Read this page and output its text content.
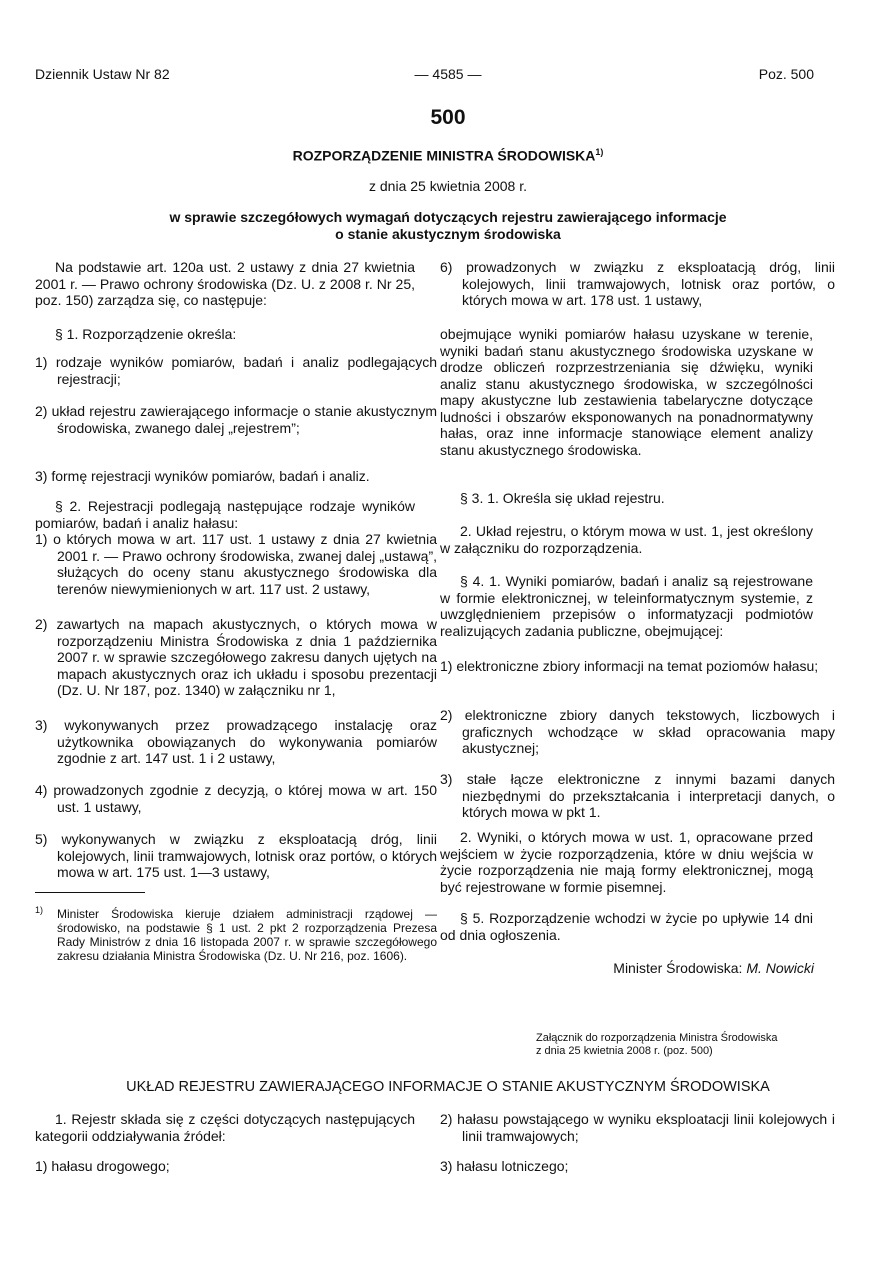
Dziennik Ustaw Nr 82	— 4585 —	Poz. 500
500
ROZPORZĄDZENIE MINISTRA ŚRODOWISKA$^{1)}$
z dnia 25 kwietnia 2008 r.
w sprawie szczegółowych wymagań dotyczących rejestru zawierającego informacje
o stanie akustycznym środowiska

Na podstawie art. 120a ust. 2 ustawy z dnia 27 kwietnia 2001 r. — Prawo ochrony środowiska (Dz. U. z 2008 r. Nr 25, poz. 150) zarządza się, co następuje:

§ 1. Rozporządzenie określa:

1) rodzaje wyników pomiarów, badań i analiz podlegających rejestracji;

2) układ rejestru zawierającego informacje o stanie akustycznym środowiska, zwanego dalej „rejestrem”;

3) formę rejestracji wyników pomiarów, badań i analiz.

§ 2. Rejestracji podlegają następujące rodzaje wyników pomiarów, badań i analiz hałasu:

1) o których mowa w art. 117 ust. 1 ustawy z dnia 27 kwietnia 2001 r. — Prawo ochrony środowiska, zwanej dalej „ustawą”, służących do oceny stanu akustycznego środowiska dla terenów niewymienionych w art. 117 ust. 2 ustawy,

2) zawartych na mapach akustycznych, o których mowa w rozporządzeniu Ministra Środowiska z dnia 1 października 2007 r. w sprawie szczegółowego zakresu danych ujętych na mapach akustycznych oraz ich układu i sposobu prezentacji (Dz. U. Nr 187, poz. 1340) w załączniku nr 1,

3) wykonywanych przez prowadzącego instalację oraz użytkownika obowiązanych do wykonywania pomiarów zgodnie z art. 147 ust. 1 i 2 ustawy,

4) prowadzonych zgodnie z decyzją, o której mowa w art. 150 ust. 1 ustawy,

5) wykonywanych w związku z eksploatacją dróg, linii kolejowych, linii tramwajowych, lotnisk oraz portów, o których mowa w art. 175 ust. 1—3 ustawy,

$^{1)}$ Minister Środowiska kieruje działem administracji rządowej — środowisko, na podstawie § 1 ust. 2 pkt 2 rozporządzenia Prezesa Rady Ministrów z dnia 16 listopada 2007 r. w sprawie szczegółowego zakresu działania Ministra Środowiska (Dz. U. Nr 216, poz. 1606).

6) prowadzonych w związku z eksploatacją dróg, linii kolejowych, linii tramwajowych, lotnisk oraz portów, o których mowa w art. 178 ust. 1 ustawy,

obejmujące wyniki pomiarów hałasu uzyskane w terenie, wyniki badań stanu akustycznego środowiska uzyskane w drodze obliczeń rozprzestrzeniania się dźwięku, wyniki analiz stanu akustycznego środowiska, w szczególności mapy akustyczne lub zestawienia tabelaryczne dotyczące ludności i obszarów eksponowanych na ponadnormatywny hałas, oraz inne informacje stanowiące element analizy stanu akustycznego środowiska.

§ 3. 1. Określa się układ rejestru.

2. Układ rejestru, o którym mowa w ust. 1, jest określony w załączniku do rozporządzenia.

§ 4. 1. Wyniki pomiarów, badań i analiz są rejestrowane w formie elektronicznej, w teleinformatycznym systemie, z uwzględnieniem przepisów o informatyzacji podmiotów realizujących zadania publiczne, obejmującej:

1) elektroniczne zbiory informacji na temat poziomów hałasu;

2) elektroniczne zbiory danych tekstowych, liczbowych i graficznych wchodzące w skład opracowania mapy akustycznej;

3) stałe łącze elektroniczne z innymi bazami danych niezbędnymi do przekształcania i interpretacji danych, o których mowa w pkt 1.

2. Wyniki, o których mowa w ust. 1, opracowane przed wejściem w życie rozporządzenia, które w dniu wejścia w życie rozporządzenia nie mają formy elektronicznej, mogą być rejestrowane w formie pisemnej.

§ 5. Rozporządzenie wchodzi w życie po upływie 14 dni od dnia ogłoszenia.

Minister Środowiska: M. Nowicki
Załącznik do rozporządzenia Ministra Środowiska
z dnia 25 kwietnia 2008 r. (poz. 500)
UKŁAD REJESTRU ZAWIERAJĄCEGO INFORMACJE O STANIE AKUSTYCZNYM ŚRODOWISKA

1. Rejestr składa się z części dotyczących następujących kategorii oddziaływania źródeł:

1) hałasu drogowego;

2) hałasu powstającego w wyniku eksploatacji linii kolejowych i linii tramwajowych;

3) hałasu lotniczego;
